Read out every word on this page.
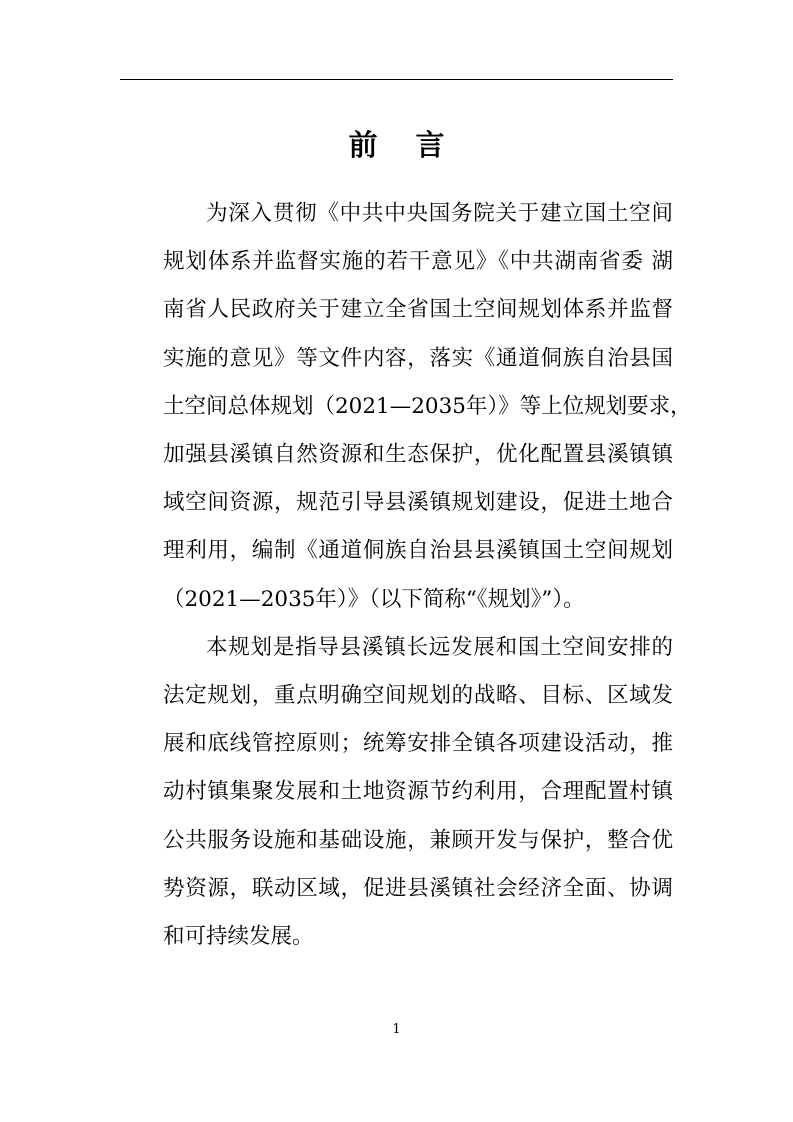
前 言
为深入贯彻《中共中央国务院关于建立国土空间
规划体系并监督实施的若干意见》《中共湖南省委 湖
南省人民政府关于建立全省国土空间规划体系并监督
实施的意见》等文件内容，落实《通道侗族自治县国
土空间总体规划（2021—2035年）》等上位规划要求，
加强县溪镇自然资源和生态保护，优化配置县溪镇镇
域空间资源，规范引导县溪镇规划建设，促进土地合
理利用，编制《通道侗族自治县县溪镇国土空间规划
（2021—2035年）》（以下简称“《规划》”）。
本规划是指导县溪镇长远发展和国土空间安排的
法定规划，重点明确空间规划的战略、目标、区域发
展和底线管控原则；统筹安排全镇各项建设活动，推
动村镇集聚发展和土地资源节约利用，合理配置村镇
公共服务设施和基础设施，兼顾开发与保护，整合优
势资源，联动区域，促进县溪镇社会经济全面、协调
和可持续发展。
1
